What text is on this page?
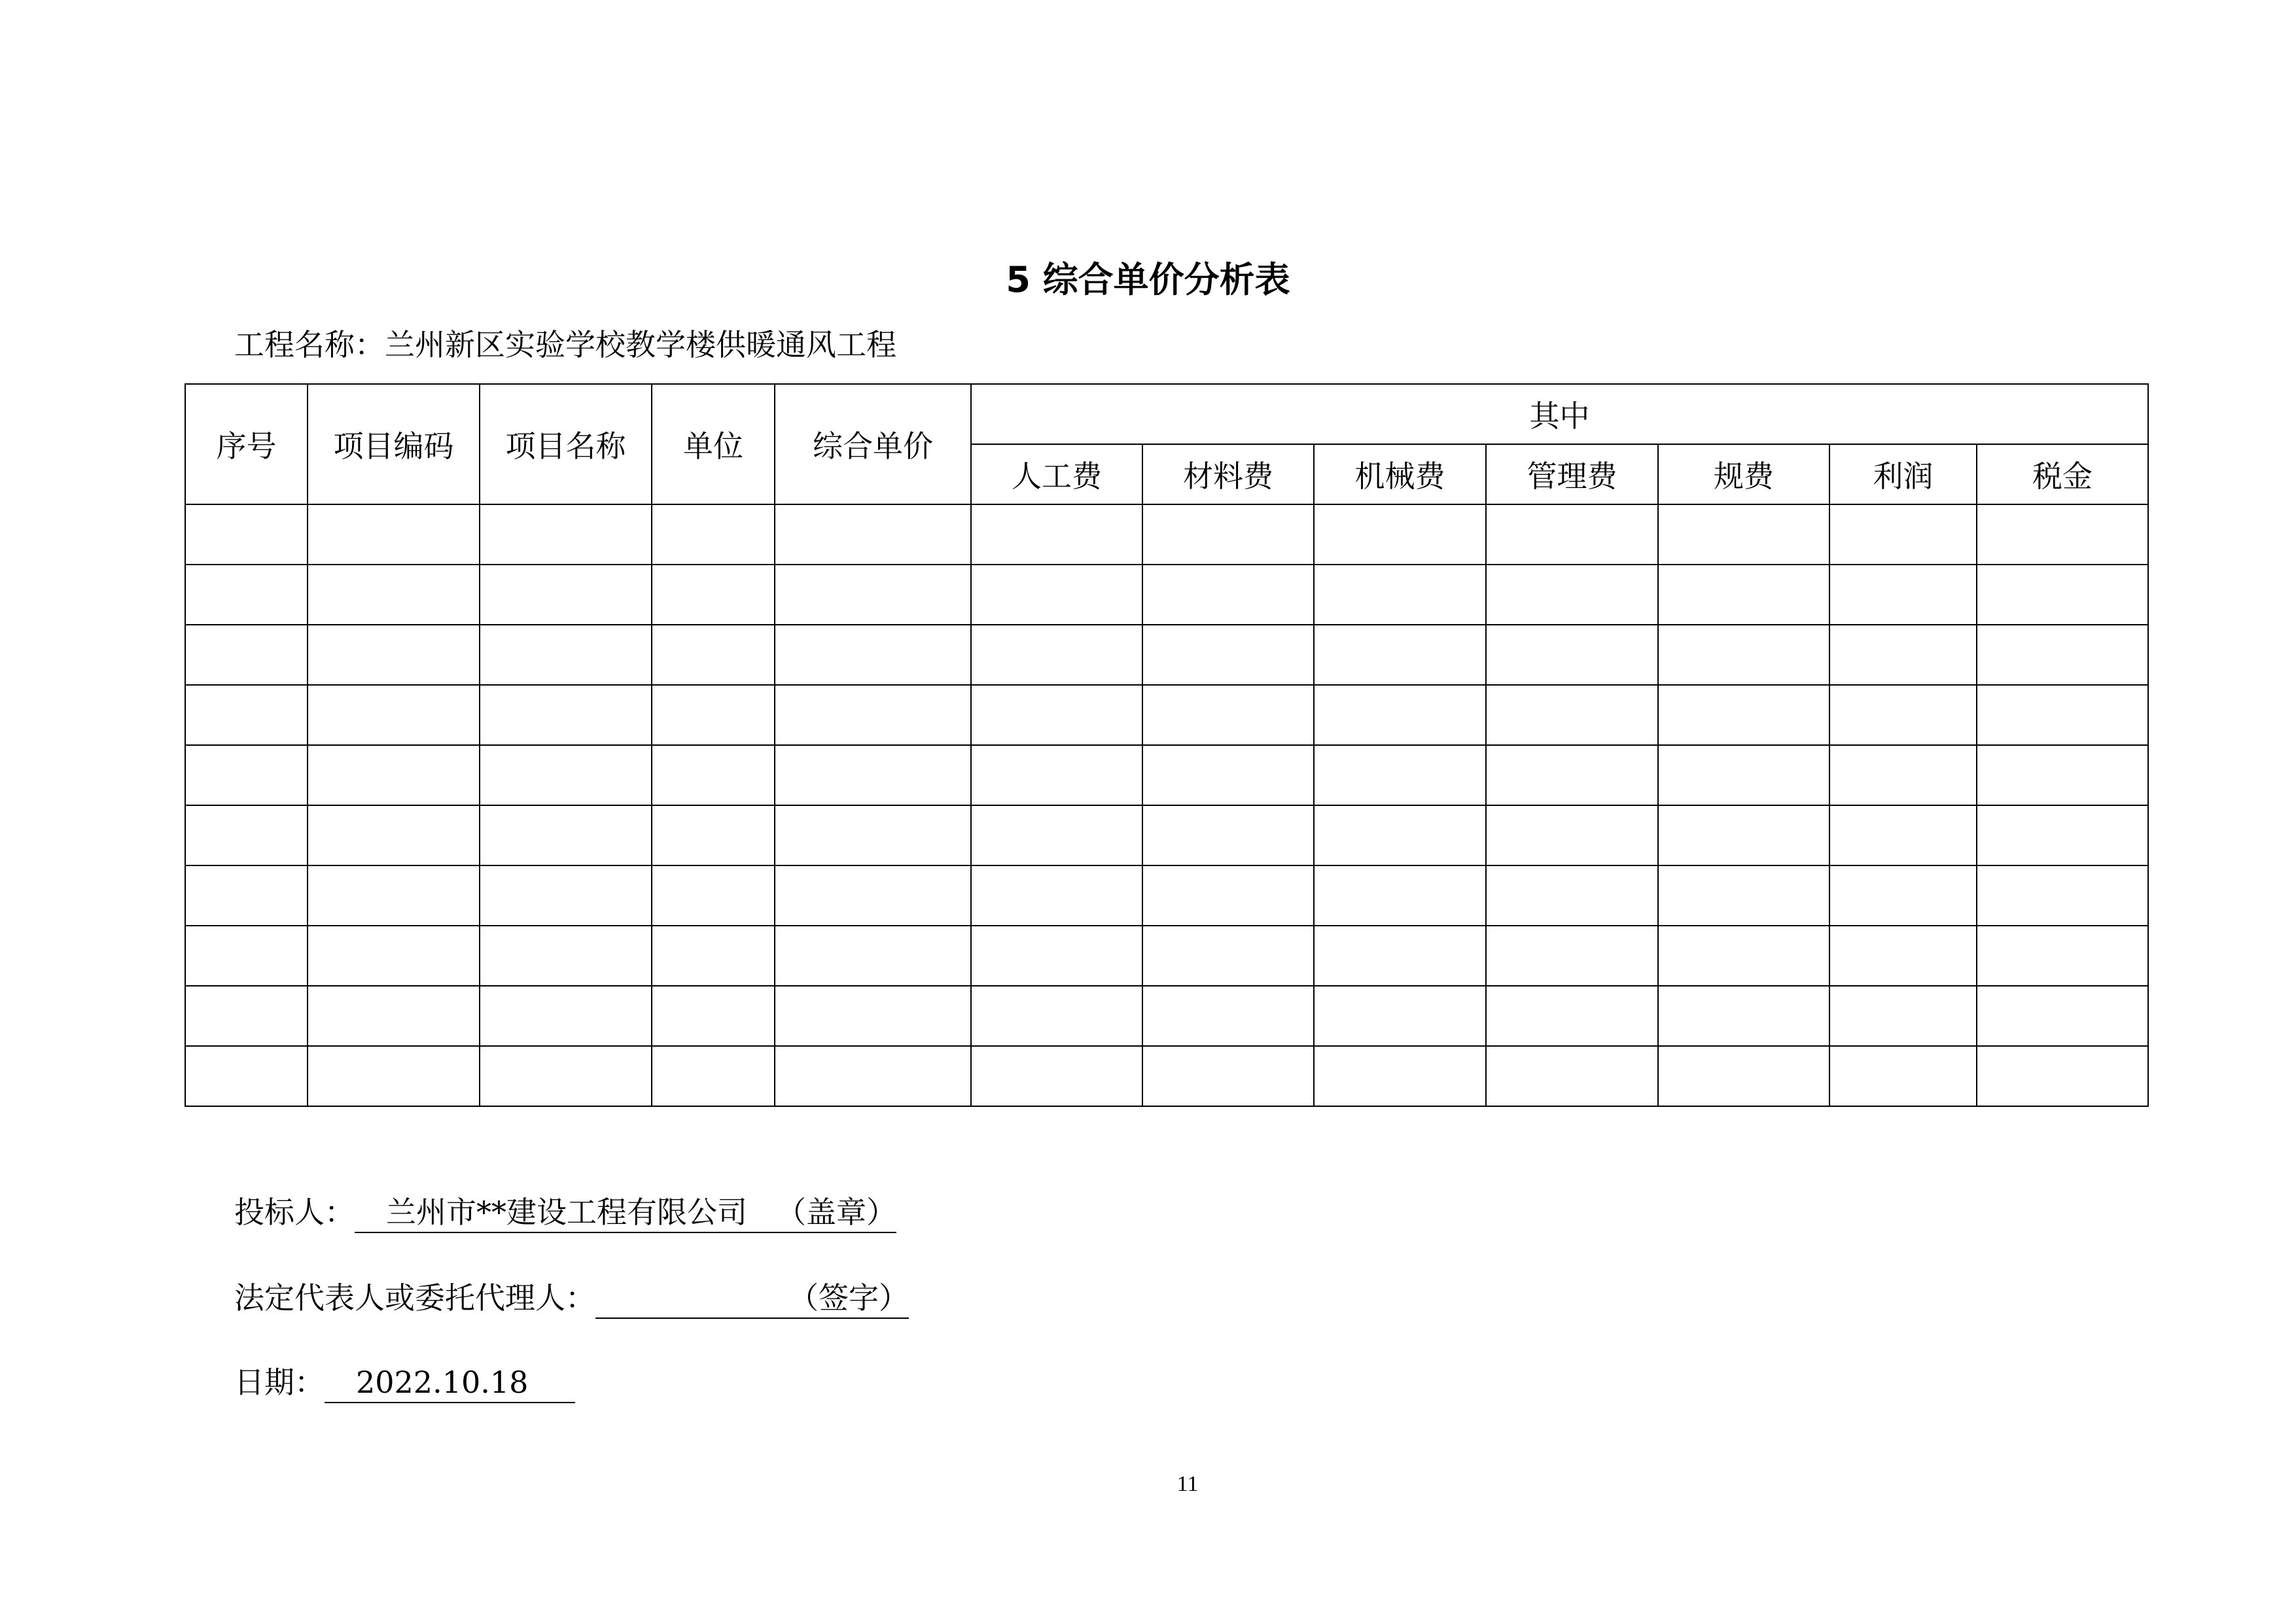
5 综合单价分析表
工程名称：兰州新区实验学校教学楼供暖通风工程
序号	项目编码	项目名称	单位	综合单价	其中						
					人工费	材料费	机械费	管理费	规费	利润	税金

投标人： 兰州市**建设工程有限公司 （盖章）
法定代表人或委托代理人：	（签字）
日期： 2022.10.18
11
